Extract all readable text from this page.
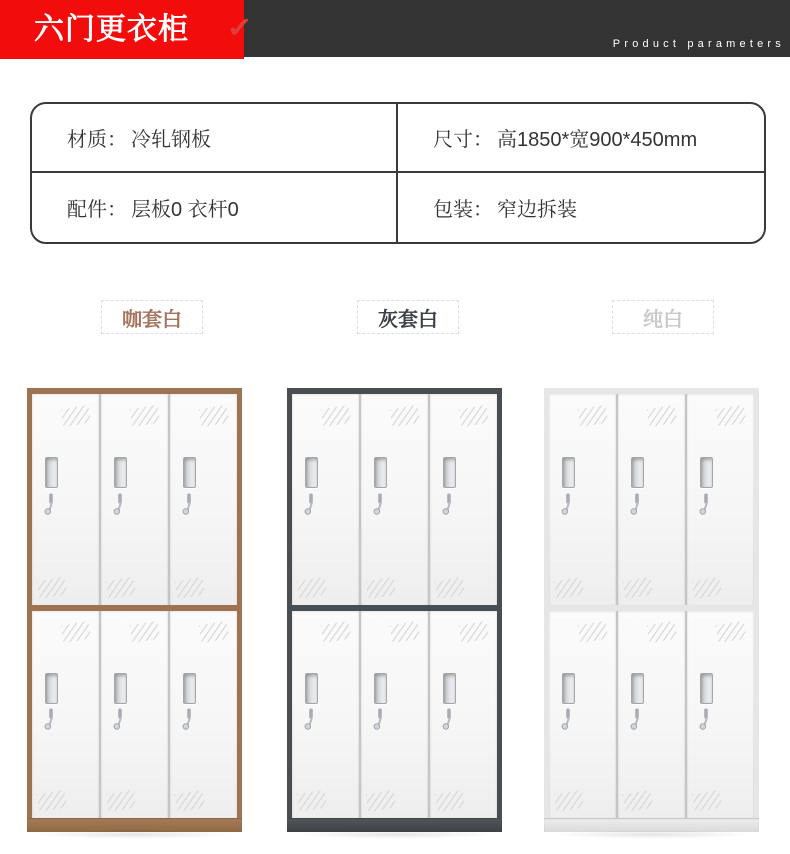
六门更衣柜	Product parameters
✓
材质： 冷轧钢板	尺寸： 高1850*宽900*450mm
配件： 层板0 衣杆0	包装： 窄边拆装
咖套白	灰套白	纯白
